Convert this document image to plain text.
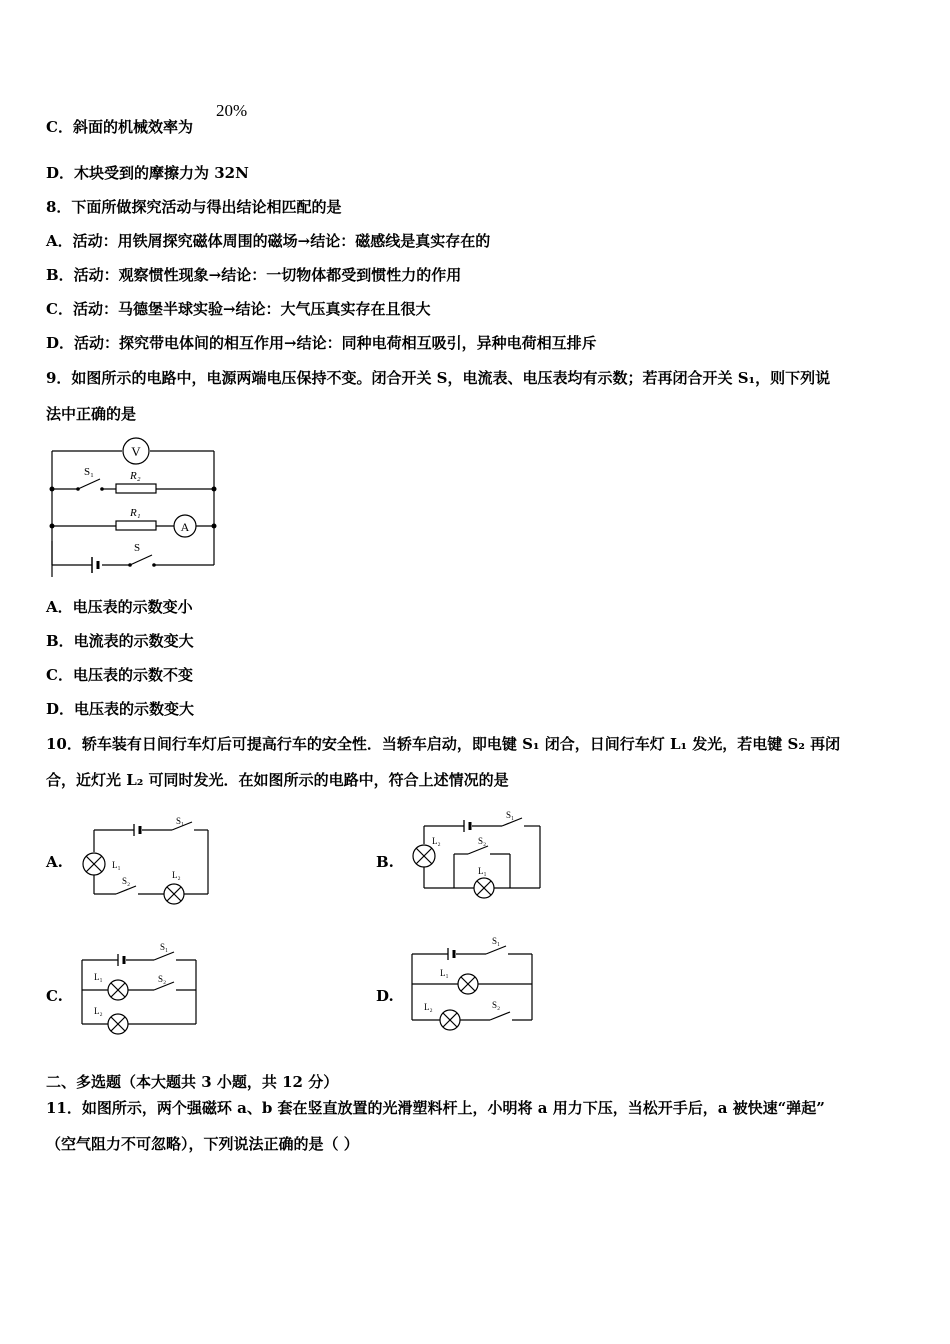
C．斜面的机械效率为
20%
D．木块受到的摩擦力为 32N
8．下面所做探究活动与得出结论相匹配的是
A．活动：用铁屑探究磁体周围的磁场→结论：磁感线是真实存在的
B．活动：观察惯性现象→结论：一切物体都受到惯性力的作用
C．活动：马德堡半球实验→结论：大气压真实存在且很大
D．活动：探究带电体间的相互作用→结论：同种电荷相互吸引，异种电荷相互排斥
9．如图所示的电路中，电源两端电压保持不变。闭合开关 S，电流表、电压表均有示数；若再闭合开关 S₁，则下列说
法中正确的是
V
A
S₁	R₂
R₁
S
A．电压表的示数变小
B．电流表的示数变大
C．电压表的示数不变
D．电压表的示数变大
10．轿车装有日间行车灯后可提高行车的安全性．当轿车启动，即电键 S₁ 闭合，日间行车灯 L₁ 发光，若电键 S₂ 再闭
合，近灯光 L₂ 可同时发光．在如图所示的电路中，符合上述情况的是
A.
S₁
L₁
S₂
L₂
B.
S₁
L₂	S₂
L₁
C.
S₁
L₁	S₂
L₂
D.
S₁
L₁
L₂	S₂
二、多选题（本大题共 3 小题，共 12 分）
11．如图所示，两个强磁环 a、b 套在竖直放置的光滑塑料杆上，小明将 a 用力下压，当松开手后，a 被快速“弹起”
（空气阻力不可忽略），下列说法正确的是（ ）
